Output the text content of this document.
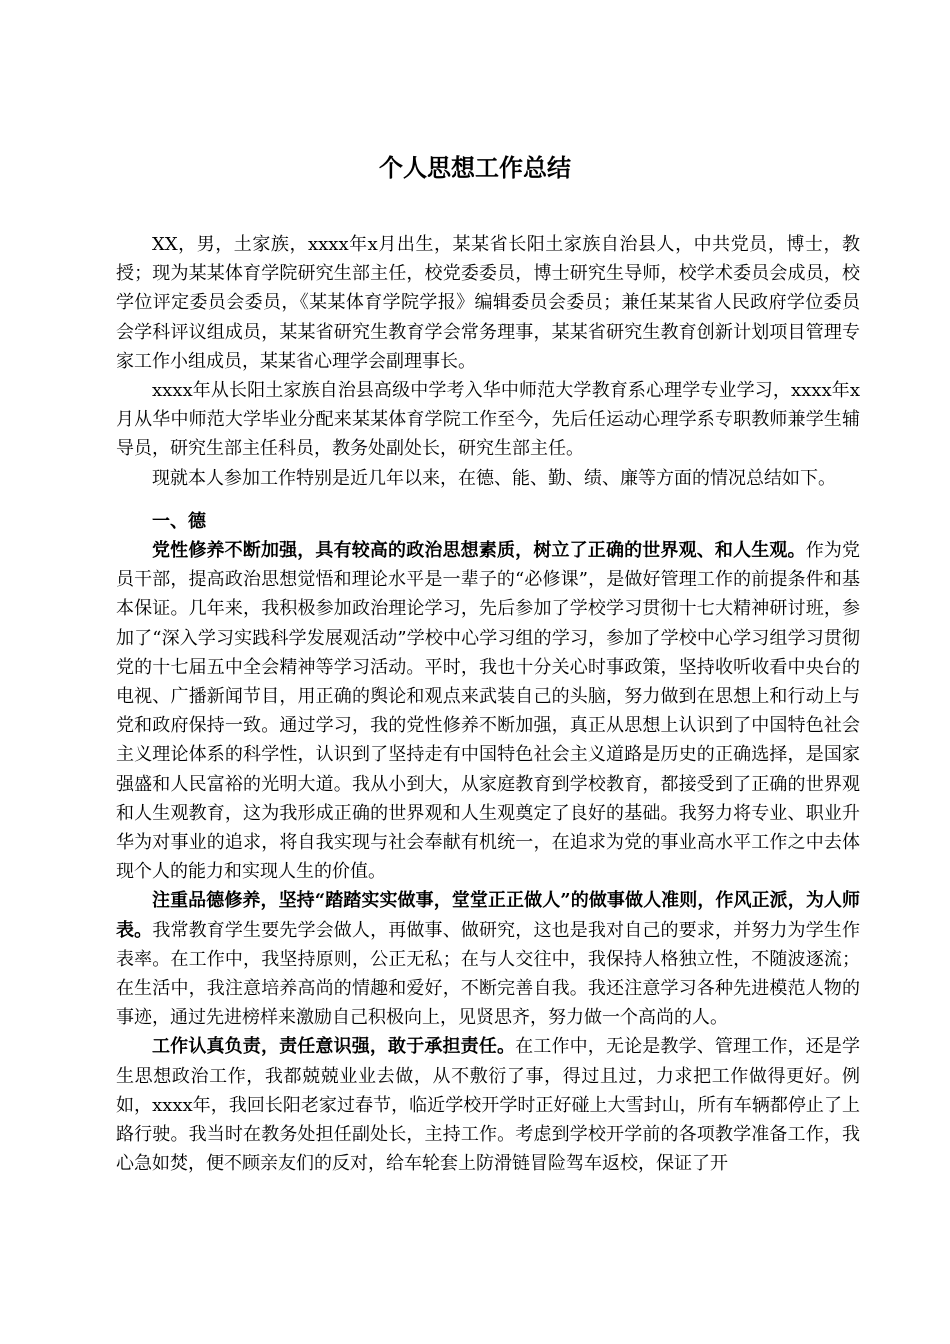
个人思想工作总结

XX，男，土家族，xxxx年x月出生，某某省长阳土家族自治县人，中共党员，博士，教授；现为某某体育学院研究生部主任，校党委委员，博士研究生导师，校学术委员会成员，校学位评定委员会委员，《某某体育学院学报》编辑委员会委员；兼任某某省人民政府学位委员会学科评议组成员，某某省研究生教育学会常务理事，某某省研究生教育创新计划项目管理专家工作小组成员，某某省心理学会副理事长。

xxxx年从长阳土家族自治县高级中学考入华中师范大学教育系心理学专业学习，xxxx年x月从华中师范大学毕业分配来某某体育学院工作至今，先后任运动心理学系专职教师兼学生辅导员，研究生部主任科员，教务处副处长，研究生部主任。

现就本人参加工作特别是近几年以来，在德、能、勤、绩、廉等方面的情况总结如下。

一、德

党性修养不断加强，具有较高的政治思想素质，树立了正确的世界观、和人生观。作为党员干部，提高政治思想觉悟和理论水平是一辈子的“必修课”，是做好管理工作的前提条件和基本保证。几年来，我积极参加政治理论学习，先后参加了学校学习贯彻十七大精神研讨班，参加了“深入学习实践科学发展观活动”学校中心学习组的学习，参加了学校中心学习组学习贯彻党的十七届五中全会精神等学习活动。平时，我也十分关心时事政策，坚持收听收看中央台的电视、广播新闻节目，用正确的舆论和观点来武装自己的头脑，努力做到在思想上和行动上与党和政府保持一致。通过学习，我的党性修养不断加强，真正从思想上认识到了中国特色社会主义理论体系的科学性，认识到了坚持走有中国特色社会主义道路是历史的正确选择，是国家强盛和人民富裕的光明大道。我从小到大，从家庭教育到学校教育，都接受到了正确的世界观和人生观教育，这为我形成正确的世界观和人生观奠定了良好的基础。我努力将专业、职业升华为对事业的追求，将自我实现与社会奉献有机统一，在追求为党的事业高水平工作之中去体现个人的能力和实现人生的价值。

注重品德修养，坚持“踏踏实实做事，堂堂正正做人”的做事做人准则，作风正派，为人师表。我常教育学生要先学会做人，再做事、做研究，这也是我对自己的要求，并努力为学生作表率。在工作中，我坚持原则，公正无私；在与人交往中，我保持人格独立性，不随波逐流；在生活中，我注意培养高尚的情趣和爱好，不断完善自我。我还注意学习各种先进模范人物的事迹，通过先进榜样来激励自己积极向上，见贤思齐，努力做一个高尚的人。

工作认真负责，责任意识强，敢于承担责任。在工作中，无论是教学、管理工作，还是学生思想政治工作，我都兢兢业业去做，从不敷衍了事，得过且过，力求把工作做得更好。例如，xxxx年，我回长阳老家过春节，临近学校开学时正好碰上大雪封山，所有车辆都停止了上路行驶。我当时在教务处担任副处长，主持工作。考虑到学校开学前的各项教学准备工作，我心急如焚，便不顾亲友们的反对，给车轮套上防滑链冒险驾车返校，保证了开
